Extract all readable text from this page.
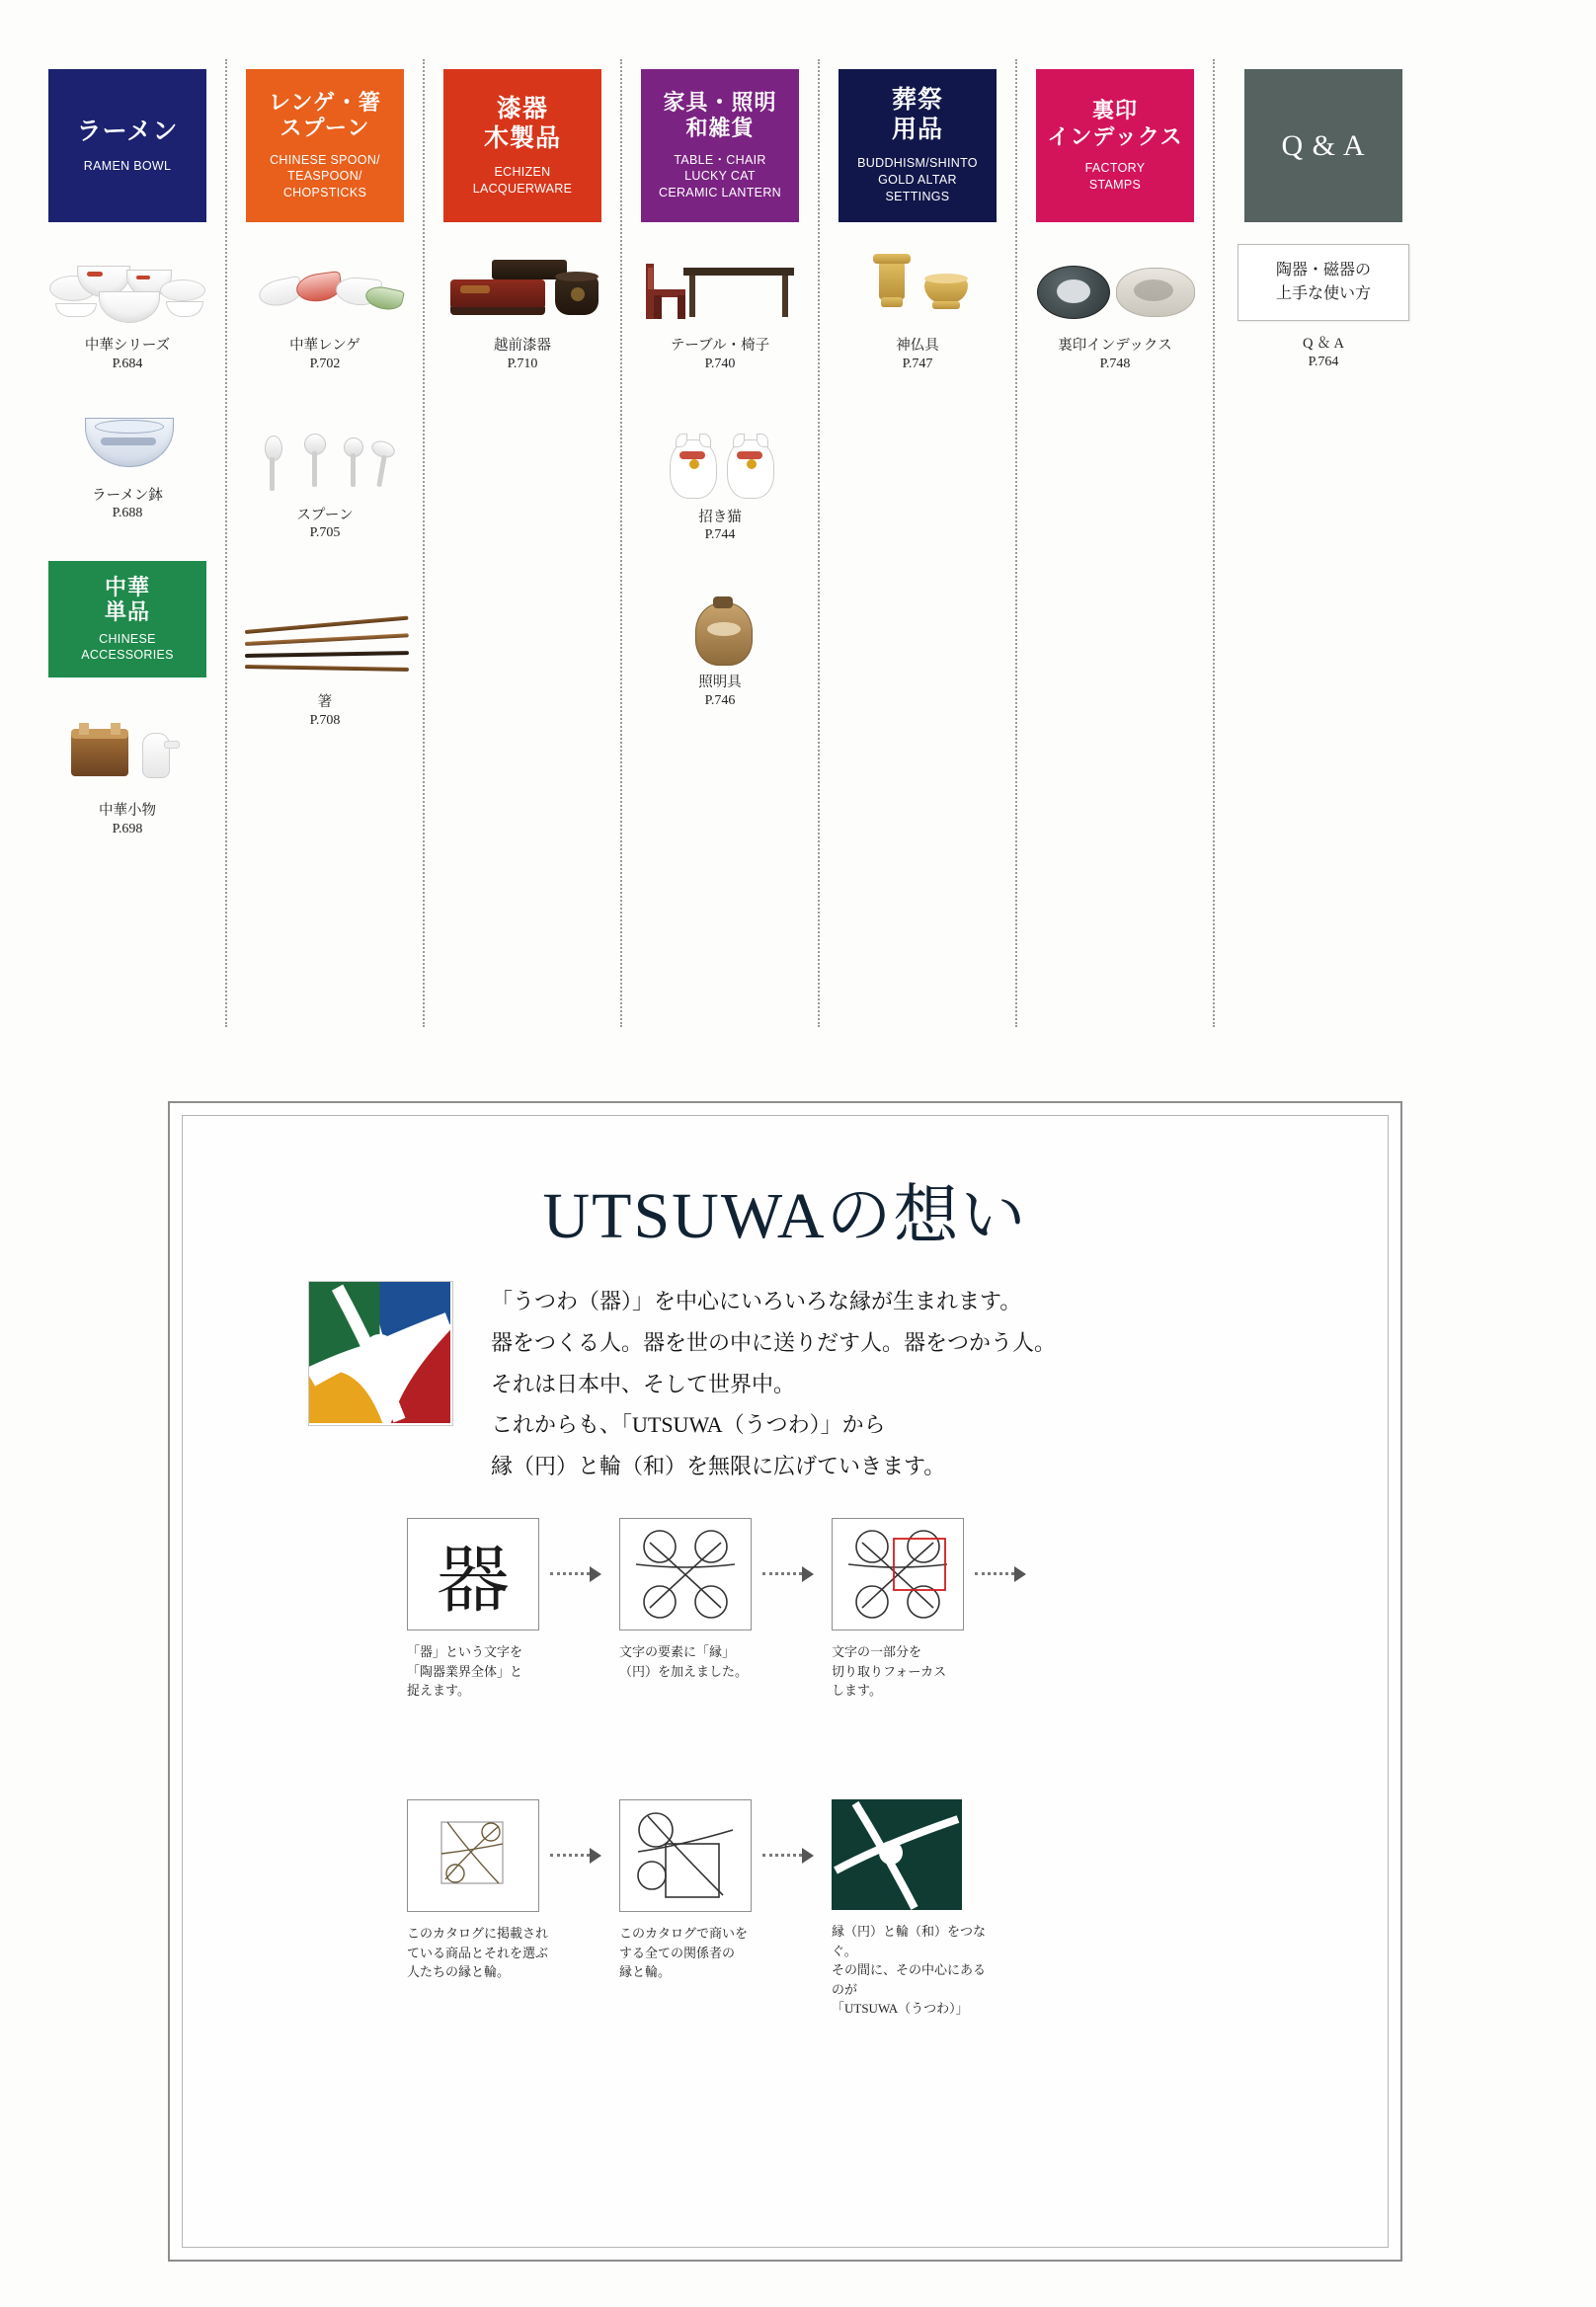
ラーメン
RAMEN BOWL
中華シリーズ
P.684
ラーメン鉢
P.688
中華
単品
CHINESE
ACCESSORIES
中華小物
P.698
レンゲ・箸
スプーン
CHINESE SPOON/
TEASPOON/
CHOPSTICKS
中華レンゲ
P.702
スプーン
P.705
箸
P.708
漆器
木製品
ECHIZEN
LACQUERWARE
越前漆器
P.710
家具・照明
和雑貨
TABLE・CHAIR
LUCKY CAT
CERAMIC LANTERN
テーブル・椅子
P.740
招き猫
P.744
照明具
P.746
葬祭
用品
BUDDHISM/SHINTO
GOLD ALTAR
SETTINGS
神仏具
P.747
裏印
インデックス
FACTORY
STAMPS
裏印インデックス
P.748
Q & A
陶器・磁器の
上手な使い方
Q ＆ A
P.764
UTSUWAの想い
「うつわ（器）」を中心にいろいろな縁が生まれます。
器をつくる人。器を世の中に送りだす人。器をつかう人。
それは日本中、そして世界中。
これからも、「UTSUWA（うつわ）」から
縁（円）と輪（和）を無限に広げていきます。
器
「器」という文字を
「陶器業界全体」と
捉えます。
文字の要素に「縁」
（円）を加えました。
文字の一部分を
切り取りフォーカス
します。
このカタログに掲載され
ている商品とそれを選ぶ
人たちの縁と輪。
このカタログで商いを
する全ての関係者の
縁と輪。
縁（円）と輪（和）をつなぐ。
その間に、その中心にあるのが
「UTSUWA（うつわ）」
